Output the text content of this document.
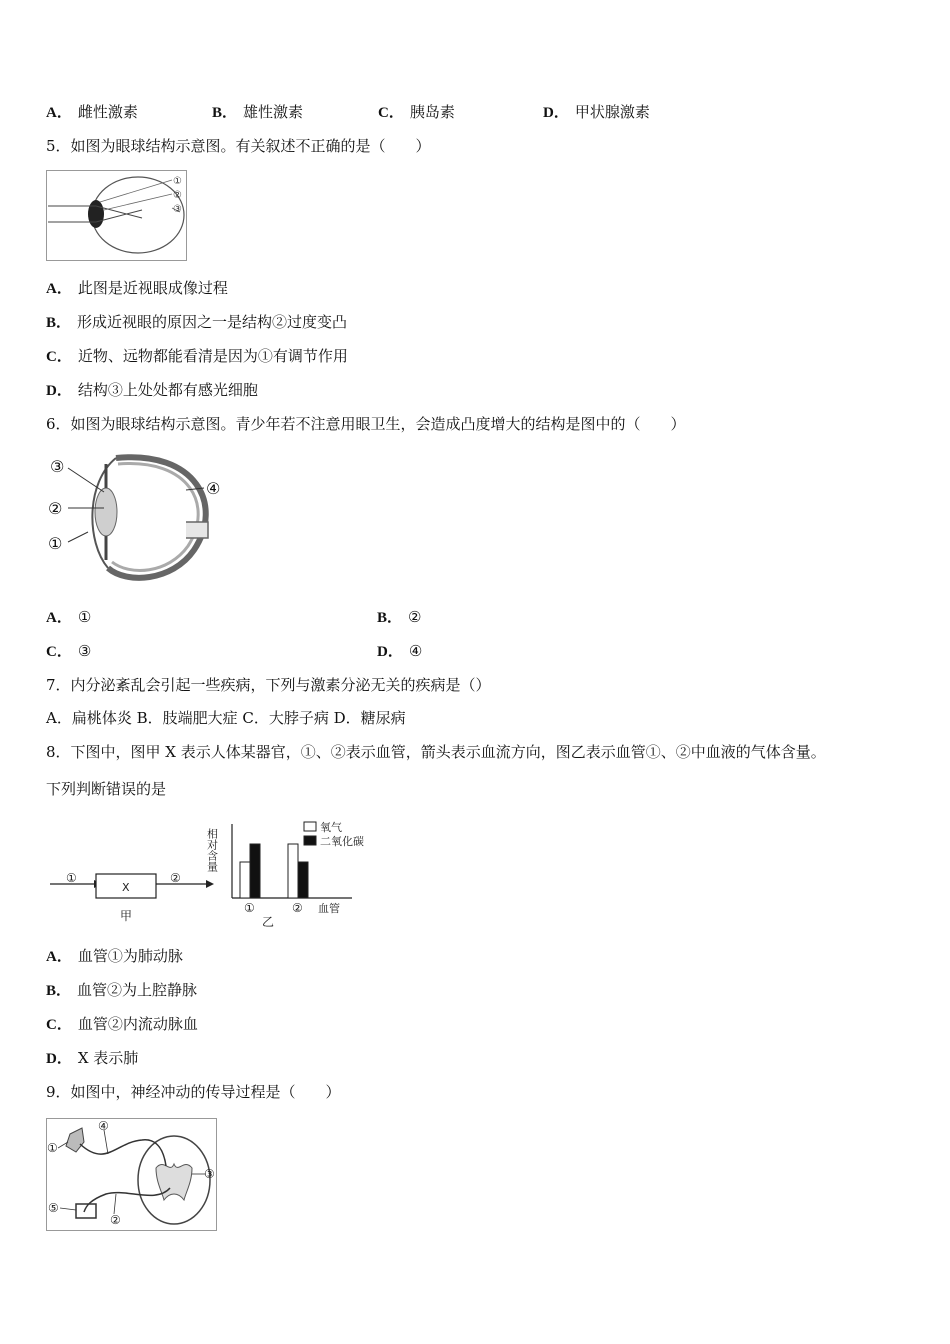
A． 雌性激素	B． 雄性激素	C． 胰岛素	D． 甲状腺激素
5．如图为眼球结构示意图。有关叙述不正确的是（　　）
①
②
③
A． 此图是近视眼成像过程
B． 形成近视眼的原因之一是结构②过度变凸
C． 近物、远物都能看清是因为①有调节作用
D． 结构③上处处都有感光细胞
6．如图为眼球结构示意图。青少年若不注意用眼卫生，会造成凸度增大的结构是图中的（　　）
③
②
①
④
A． ①	B． ②
C． ③	D． ④
7．内分泌紊乱会引起一些疾病，下列与激素分泌无关的疾病是（）
A．扁桃体炎 B．肢端肥大症 C．大脖子病 D．糖尿病
8．下图中，图甲 X 表示人体某器官，①、②表示血管，箭头表示血流方向，图乙表示血管①、②中血液的气体含量。
下列判断错误的是
X
①	②
甲
相对含量
血管
乙
氧气
二氧化碳
①	②
A． 血管①为肺动脉
B． 血管②为上腔静脉
C． 血管②内流动脉血
D． X 表示肺
9．如图中，神经冲动的传导过程是（　　）
①
④
③
⑤
②
